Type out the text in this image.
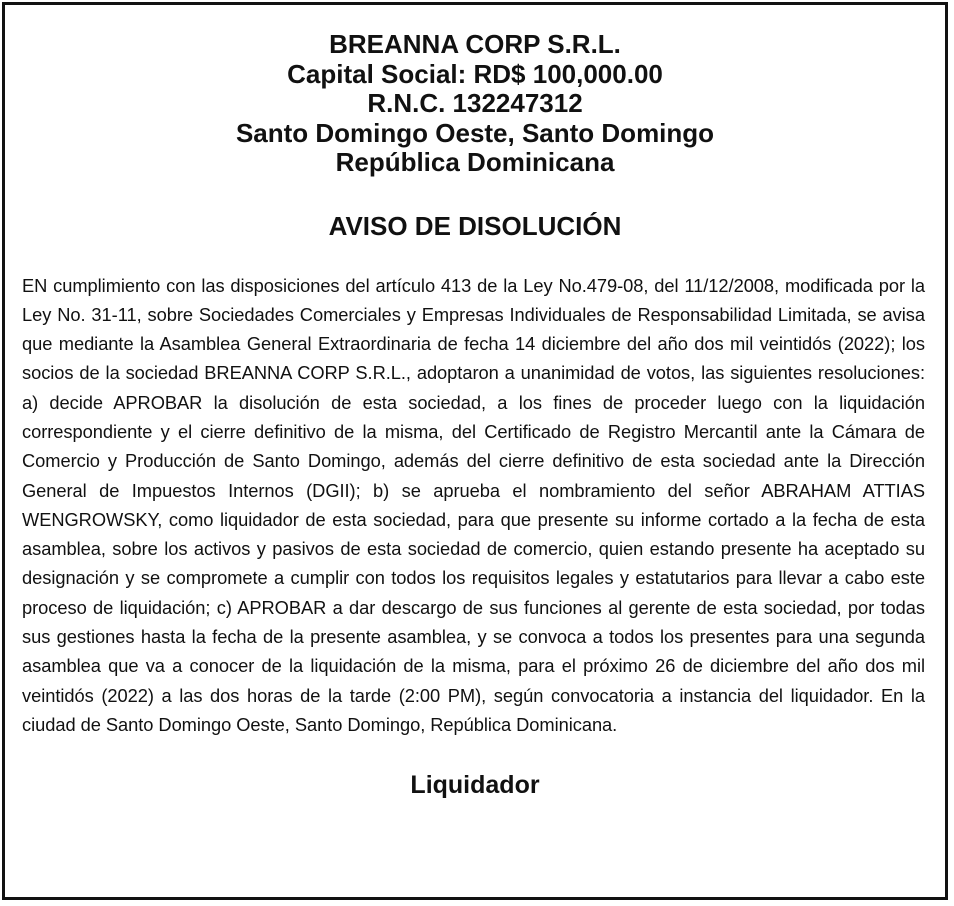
BREANNA CORP S.R.L.
Capital Social: RD$ 100,000.00
R.N.C. 132247312
Santo Domingo Oeste, Santo Domingo
República Dominicana
AVISO DE DISOLUCIÓN

EN cumplimiento con las disposiciones del artículo 413 de la Ley No.479-08, del 11/12/2008, modificada por la Ley No. 31-11, sobre Sociedades Comerciales y Empresas Individuales de Responsabilidad Limitada, se avisa que mediante la Asamblea General Extraordinaria de fecha 14 diciembre del año dos mil veintidós (2022); los socios de la sociedad BREANNA CORP S.R.L., adoptaron a unanimidad de votos, las siguientes resoluciones: a) decide APROBAR la disolución de esta sociedad, a los fines de proceder luego con la liquidación correspondiente y el cierre definitivo de la misma, del Certificado de Registro Mercantil ante la Cámara de Comercio y Producción de Santo Domingo, además del cierre definitivo de esta sociedad ante la Dirección General de Impuestos Internos (DGII); b) se aprueba el nombramiento del señor ABRAHAM ATTIAS WENGROWSKY, como liquidador de esta sociedad, para que presente su informe cortado a la fecha de esta asamblea, sobre los activos y pasivos de esta sociedad de comercio, quien estando presente ha aceptado su designación y se compromete a cumplir con todos los requisitos legales y estatutarios para llevar a cabo este proceso de liquidación; c) APROBAR a dar descargo de sus funciones al gerente de esta sociedad, por todas sus gestiones hasta la fecha de la presente asamblea, y se convoca a todos los presentes para una segunda asamblea que va a conocer de la liquidación de la misma, para el próximo 26 de diciembre del año dos mil veintidós (2022) a las dos horas de la tarde (2:00 PM), según convocatoria a instancia del liquidador. En la ciudad de Santo Domingo Oeste, Santo Domingo, República Dominicana.

Liquidador
